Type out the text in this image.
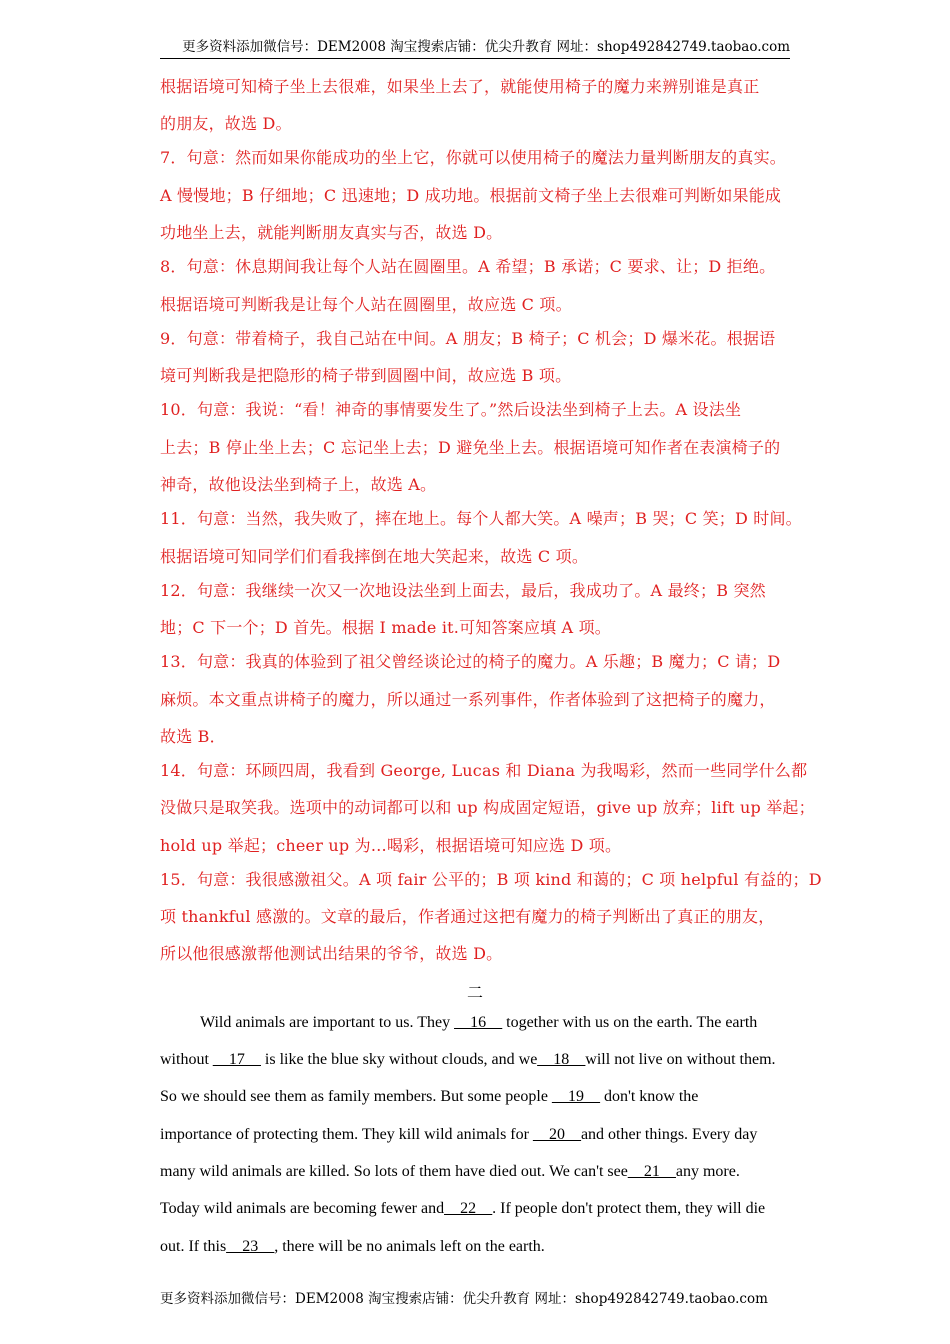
更多资料添加微信号：DEM2008 淘宝搜索店铺：优尖升教育 网址：shop492842749.taobao.com
根据语境可知椅子坐上去很难，如果坐上去了，就能使用椅子的魔力来辨别谁是真正
的朋友，故选 D。
7．句意：然而如果你能成功的坐上它，你就可以使用椅子的魔法力量判断朋友的真实。
A 慢慢地；B 仔细地；C 迅速地；D 成功地。根据前文椅子坐上去很难可判断如果能成
功地坐上去，就能判断朋友真实与否，故选 D。
8．句意：休息期间我让每个人站在圆圈里。A 希望；B 承诺；C 要求、让；D 拒绝。
根据语境可判断我是让每个人站在圆圈里，故应选 C 项。
9．句意：带着椅子，我自己站在中间。A 朋友；B 椅子；C 机会；D 爆米花。根据语
境可判断我是把隐形的椅子带到圆圈中间，故应选 B 项。
10．句意：我说：“看！神奇的事情要发生了。”然后设法坐到椅子上去。A 设法坐
上去；B 停止坐上去；C 忘记坐上去；D 避免坐上去。根据语境可知作者在表演椅子的
神奇，故他设法坐到椅子上，故选 A。
11．句意：当然，我失败了，摔在地上。每个人都大笑。A 噪声；B 哭；C 笑；D 时间。
根据语境可知同学们们看我摔倒在地大笑起来，故选 C 项。
12．句意：我继续一次又一次地设法坐到上面去，最后，我成功了。A 最终；B 突然
地；C 下一个；D 首先。根据 I made it.可知答案应填 A 项。
13．句意：我真的体验到了祖父曾经谈论过的椅子的魔力。A 乐趣；B 魔力；C 请；D
麻烦。本文重点讲椅子的魔力，所以通过一系列事件，作者体验到了这把椅子的魔力，
故选 B．
14．句意：环顾四周，我看到 George, Lucas 和 Diana 为我喝彩，然而一些同学什么都
没做只是取笑我。选项中的动词都可以和 up 构成固定短语，give up 放弃；lift up 举起；
hold up 举起；cheer up 为…喝彩，根据语境可知应选 D 项。
15．句意：我很感激祖父。A 项 fair 公平的；B 项 kind 和蔼的；C 项 helpful 有益的；D
项 thankful 感激的。文章的最后，作者通过这把有魔力的椅子判断出了真正的朋友，
所以他很感激帮他测试出结果的爷爷，故选 D。
二
Wild animals are important to us. They __16__ together with us on the earth. The earth
without __17__ is like the blue sky without clouds, and we__18__will not live on without them.
So we should see them as family members. But some people __19__ don't know the
importance of protecting them. They kill wild animals for __20__and other things. Every day
many wild animals are killed. So lots of them have died out. We can't see__21__any more.
Today wild animals are becoming fewer and__22__. If people don't protect them, they will die
out. If this__23__, there will be no animals left on the earth.
更多资料添加微信号：DEM2008 淘宝搜索店铺：优尖升教育 网址：shop492842749.taobao.com
